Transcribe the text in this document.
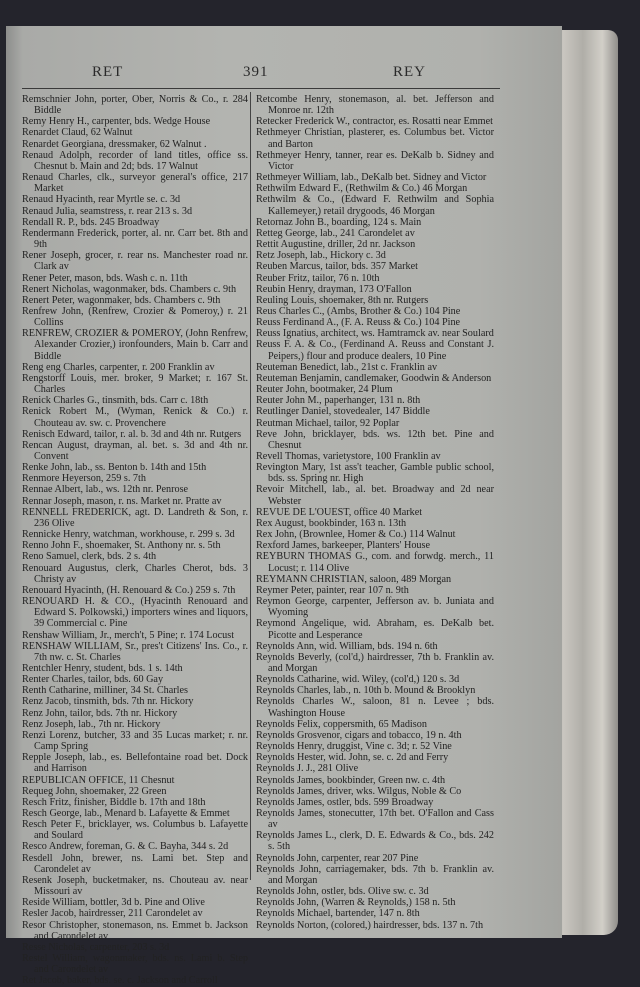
RET	391	REY
Remschnier John, porter, Ober, Norris & Co., r. 284 Biddle
Remy Henry H., carpenter, bds. Wedge House
Renardet Claud, 62 Walnut
Renardet Georgiana, dressmaker, 62 Walnut .
Renaud Adolph, recorder of land titles, office ss. Chesnut b. Main and 2d; bds. 17 Walnut
Renaud Charles, clk., surveyor general's office, 217 Market
Renaud Hyacinth, rear Myrtle se. c. 3d
Renaud Julia, seamstress, r. rear 213 s. 3d
Rendall R. P., bds. 245 Broadway
Rendermann Frederick, porter, al. nr. Carr bet. 8th and 9th
Rener Joseph, grocer, r. rear ns. Manchester road nr. Clark av
Rener Peter, mason, bds. Wash c. n. 11th
Renert Nicholas, wagonmaker, bds. Chambers c. 9th
Renert Peter, wagonmaker, bds. Chambers c. 9th
Renfrew John, (Renfrew, Crozier & Pomeroy,) r. 21 Collins
RENFREW, CROZIER & POMEROY, (John Renfrew, Alexander Crozier,) ironfounders, Main b. Carr and Biddle
Reng eng Charles, carpenter, r. 200 Franklin av
Rengstorff Louis, mer. broker, 9 Market; r. 167 St. Charles
Renick Charles G., tinsmith, bds. Carr c. 18th
Renick Robert M., (Wyman, Renick & Co.) r. Chouteau av. sw. c. Provenchere
Renisch Edward, tailor, r. al. b. 3d and 4th nr. Rutgers
Rencan August, drayman, al. bet. s. 3d and 4th nr. Convent
Renke John, lab., ss. Benton b. 14th and 15th
Renmore Heyerson, 259 s. 7th
Rennae Albert, lab., ws. 12th nr. Penrose
Rennar Joseph, mason, r. ns. Market nr. Pratte av
RENNELL FREDERICK, agt. D. Landreth & Son, r. 236 Olive
Rennicke Henry, watchman, workhouse, r. 299 s. 3d
Renno John F., shoemaker, St. Anthony nr. s. 5th
Reno Samuel, clerk, bds. 2 s. 4th
Renouard Augustus, clerk, Charles Cherot, bds. 3 Christy av
Renouard Hyacinth, (H. Renouard & Co.) 259 s. 7th
RENOUARD H. & CO., (Hyacinth Renouard and Edward S. Polkowski,) importers wines and liquors, 39 Commercial c. Pine
Renshaw William, Jr., merch't, 5 Pine; r. 174 Locust
RENSHAW WILLIAM, Sr., pres't Citizens' Ins. Co., r. 7th nw. c. St. Charles
Rentchler Henry, student, bds. 1 s. 14th
Renter Charles, tailor, bds. 60 Gay
Renth Catharine, milliner, 34 St. Charles
Renz Jacob, tinsmith, bds. 7th nr. Hickory
Renz John, tailor, bds. 7th nr. Hickory
Renz Joseph, lab., 7th nr. Hickory
Renzi Lorenz, butcher, 33 and 35 Lucas market; r. nr. Camp Spring
Repple Joseph, lab., es. Bellefontaine road bet. Dock and Harrison
REPUBLICAN OFFICE, 11 Chesnut
Requeg John, shoemaker, 22 Green
Resch Fritz, finisher, Biddle b. 17th and 18th
Resch George, lab., Menard b. Lafayette & Emmet
Resch Peter F., bricklayer, ws. Columbus b. Lafayette and Soulard
Resco Andrew, foreman, G. & C. Bayha, 344 s. 2d
Resdell John, brewer, ns. Lami bet. Step and Carondelet av
Resenk Joseph, bucketmaker, ns. Chouteau av. near Missouri av
Reside William, bottler, 3d b. Pine and Olive
Resler Jacob, hairdresser, 211 Carondelet av
Resor Christopher, stonemason, ns. Emmet b. Jackson and Carondelet av
Resse Nicholas, carpenter, 203 s. 3d
Restel William, wagonmaker, bds. ns. Lami b. Step and Carondelet av
Ret Jacob, baker, bds. se. c. Jackson and Carroll
Retcombe Henry, stonemason, al. bet. Jefferson and Monroe nr. 12th
Retecker Frederick W., contractor, es. Rosatti near Emmet
Rethmeyer Christian, plasterer, es. Columbus bet. Victor and Barton
Rethmeyer Henry, tanner, rear es. DeKalb b. Sidney and Victor
Rethmeyer William, lab., DeKalb bet. Sidney and Victor
Rethwilm Edward F., (Rethwilm & Co.) 46 Morgan
Rethwilm & Co., (Edward F. Rethwilm and Sophia Kallemeyer,) retail drygoods, 46 Morgan
Retornaz John B., boarding, 124 s. Main
Retteg George, lab., 241 Carondelet av
Rettit Augustine, driller, 2d nr. Jackson
Retz Joseph, lab., Hickory c. 3d
Reuben Marcus, tailor, bds. 357 Market
Reuber Fritz, tailor, 76 n. 10th
Reubin Henry, drayman, 173 O'Fallon
Reuling Louis, shoemaker, 8th nr. Rutgers
Reus Charles C., (Ambs, Brother & Co.) 104 Pine
Reuss Ferdinand A., (F. A. Reuss & Co.) 104 Pine
Reuss Ignatius, architect, ws. Hamtramck av. near Soulard
Reuss F. A. & Co., (Ferdinand A. Reuss and Constant J. Peipers,) flour and produce dealers, 10 Pine
Reuteman Benedict, lab., 21st c. Franklin av
Reuteman Benjamin, candlemaker, Goodwin & Anderson
Reuter John, bootmaker, 24 Plum
Reuter John M., paperhanger, 131 n. 8th
Reutlinger Daniel, stovedealer, 147 Biddle
Reutman Michael, tailor, 92 Poplar
Reve John, bricklayer, bds. ws. 12th bet. Pine and Chesnut
Revell Thomas, varietystore, 100 Franklin av
Revington Mary, 1st ass't teacher, Gamble public school, bds. ss. Spring nr. High
Revoir Mitchell, lab., al. bet. Broadway and 2d near Webster
REVUE DE L'OUEST, office 40 Market
Rex August, bookbinder, 163 n. 13th
Rex John, (Brownlee, Homer & Co.) 114 Walnut
Rexford James, barkeeper, Planters' House
REYBURN THOMAS G., com. and forwdg. merch., 11 Locust; r. 114 Olive
REYMANN CHRISTIAN, saloon, 489 Morgan
Reymer Peter, painter, rear 107 n. 9th
Reymon George, carpenter, Jefferson av. b. Juniata and Wyoming
Reymond Angelique, wid. Abraham, es. DeKalb bet. Picotte and Lesperance
Reynolds Ann, wid. William, bds. 194 n. 6th
Reynolds Beverly, (col'd,) hairdresser, 7th b. Franklin av. and Morgan
Reynolds Catharine, wid. Wiley, (col'd,) 120 s. 3d
Reynolds Charles, lab., n. 10th b. Mound & Brooklyn
Reynolds Charles W., saloon, 81 n. Levee ; bds. Washington House
Reynolds Felix, coppersmith, 65 Madison
Reynolds Grosvenor, cigars and tobacco, 19 n. 4th
Reynolds Henry, druggist, Vine c. 3d; r. 52 Vine
Reynolds Hester, wid. John, se. c. 2d and Ferry
Reynolds J. J., 281 Olive
Reynolds James, bookbinder, Green nw. c. 4th
Reynolds James, driver, wks. Wilgus, Noble & Co
Reynolds James, ostler, bds. 599 Broadway
Reynolds James, stonecutter, 17th bet. O'Fallon and Cass av
Reynolds James L., clerk, D. E. Edwards & Co., bds. 242 s. 5th
Reynolds John, carpenter, rear 207 Pine
Reynolds John, carriagemaker, bds. 7th b. Franklin av. and Morgan
Reynolds John, ostler, bds. Olive sw. c. 3d
Reynolds John, (Warren & Reynolds,) 158 n. 5th
Reynolds Michael, bartender, 147 n. 8th
Reynolds Norton, (colored,) hairdresser, bds. 137 n. 7th
